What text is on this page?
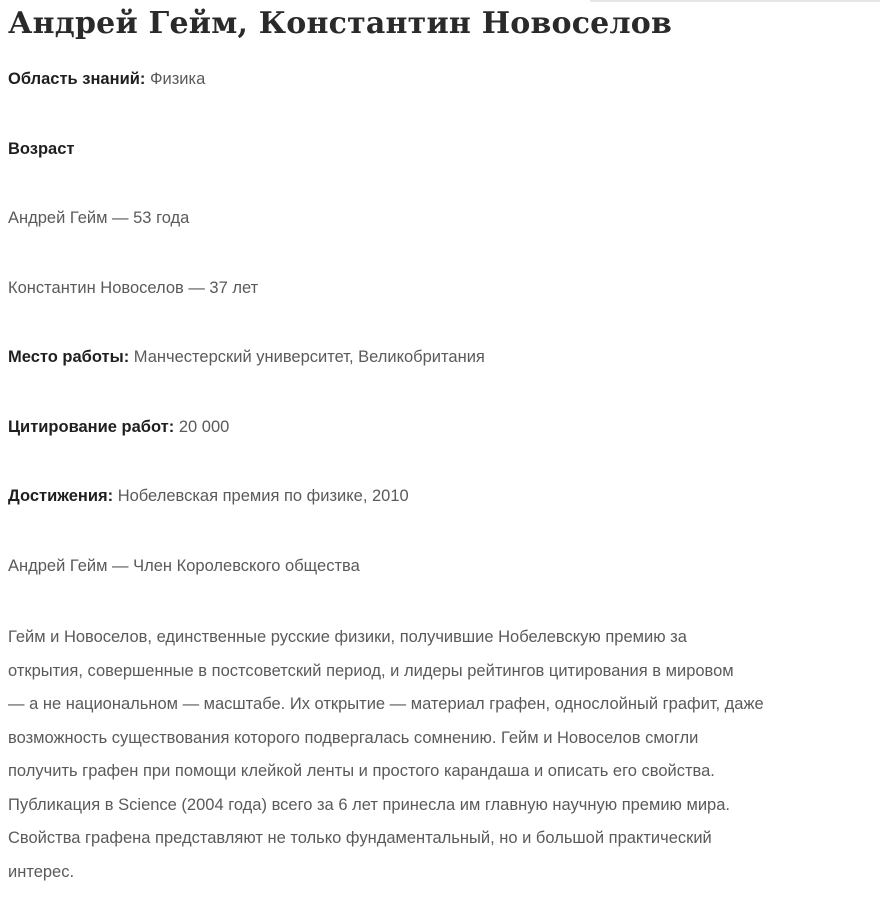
Андрей Гейм, Константин Новоселов
Область знаний: Физика
Возраст
Андрей Гейм — 53 года
Константин Новоселов — 37 лет
Место работы: Манчестерский университет, Великобритания
Цитирование работ: 20 000
Достижения: Нобелевская премия по физике, 2010
Андрей Гейм — Член Королевского общества
Гейм и Новоселов, единственные русские физики, получившие Нобелевскую премию за
открытия, совершенные в постсоветский период, и лидеры рейтингов цитирования в мировом
— а не национальном — масштабе. Их открытие — материал графен, однослойный графит, даже
возможность существования которого подвергалась сомнению. Гейм и Новоселов смогли
получить графен при помощи клейкой ленты и простого карандаша и описать его свойства.
Публикация в Science (2004 года) всего за 6 лет принесла им главную научную премию мира.
Свойства графена представляют не только фундаментальный, но и большой практический
интерес.
